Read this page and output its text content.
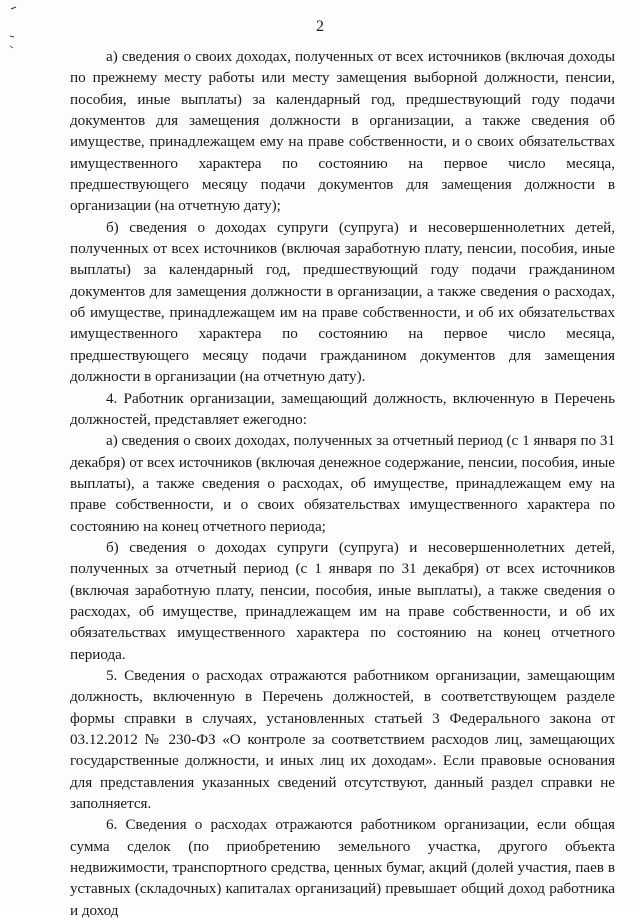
2

а) сведения о своих доходах, полученных от всех источников (включая доходы по прежнему месту работы или месту замещения выборной должности, пенсии, пособия, иные выплаты) за календарный год, предшествующий году подачи документов для замещения должности в организации, а также сведения об имуществе, принадлежащем ему на праве собственности, и о своих обязательствах имущественного характера по состоянию на первое число месяца, предшествующего месяцу подачи документов для замещения должности в организации (на отчетную дату);

б) сведения о доходах супруги (супруга) и несовершеннолетних детей, полученных от всех источников (включая заработную плату, пенсии, пособия, иные выплаты) за календарный год, предшествующий году подачи гражданином документов для замещения должности в организации, а также сведения о расходах, об имуществе, принадлежащем им на праве собственности, и об их обязательствах имущественного характера по состоянию на первое число месяца, предшествующего месяцу подачи гражданином документов для замещения должности в организации (на отчетную дату).

4. Работник организации, замещающий должность, включенную в Перечень должностей, представляет ежегодно:

а) сведения о своих доходах, полученных за отчетный период (с 1 января по 31 декабря) от всех источников (включая денежное содержание, пенсии, пособия, иные выплаты), а также сведения о расходах, об имуществе, принадлежащем ему на праве собственности, и о своих обязательствах имущественного характера по состоянию на конец отчетного периода;

б) сведения о доходах супруги (супруга) и несовершеннолетних детей, полученных за отчетный период (с 1 января по 31 декабря) от всех источников (включая заработную плату, пенсии, пособия, иные выплаты), а также сведения о расходах, об имуществе, принадлежащем им на праве собственности, и об их обязательствах имущественного характера по состоянию на конец отчетного периода.

5. Сведения о расходах отражаются работником организации, замещающим должность, включенную в Перечень должностей, в соответствующем разделе формы справки в случаях, установленных статьей 3 Федерального закона от 03.12.2012 № 230-ФЗ «О контроле за соответствием расходов лиц, замещающих государственные должности, и иных лиц их доходам». Если правовые основания для представления указанных сведений отсутствуют, данный раздел справки не заполняется.

6. Сведения о расходах отражаются работником организации, если общая сумма сделок (по приобретению земельного участка, другого объекта недвижимости, транспортного средства, ценных бумаг, акций (долей участия, паев в уставных (складочных) капиталах организаций) превышает общий доход работника и доход
